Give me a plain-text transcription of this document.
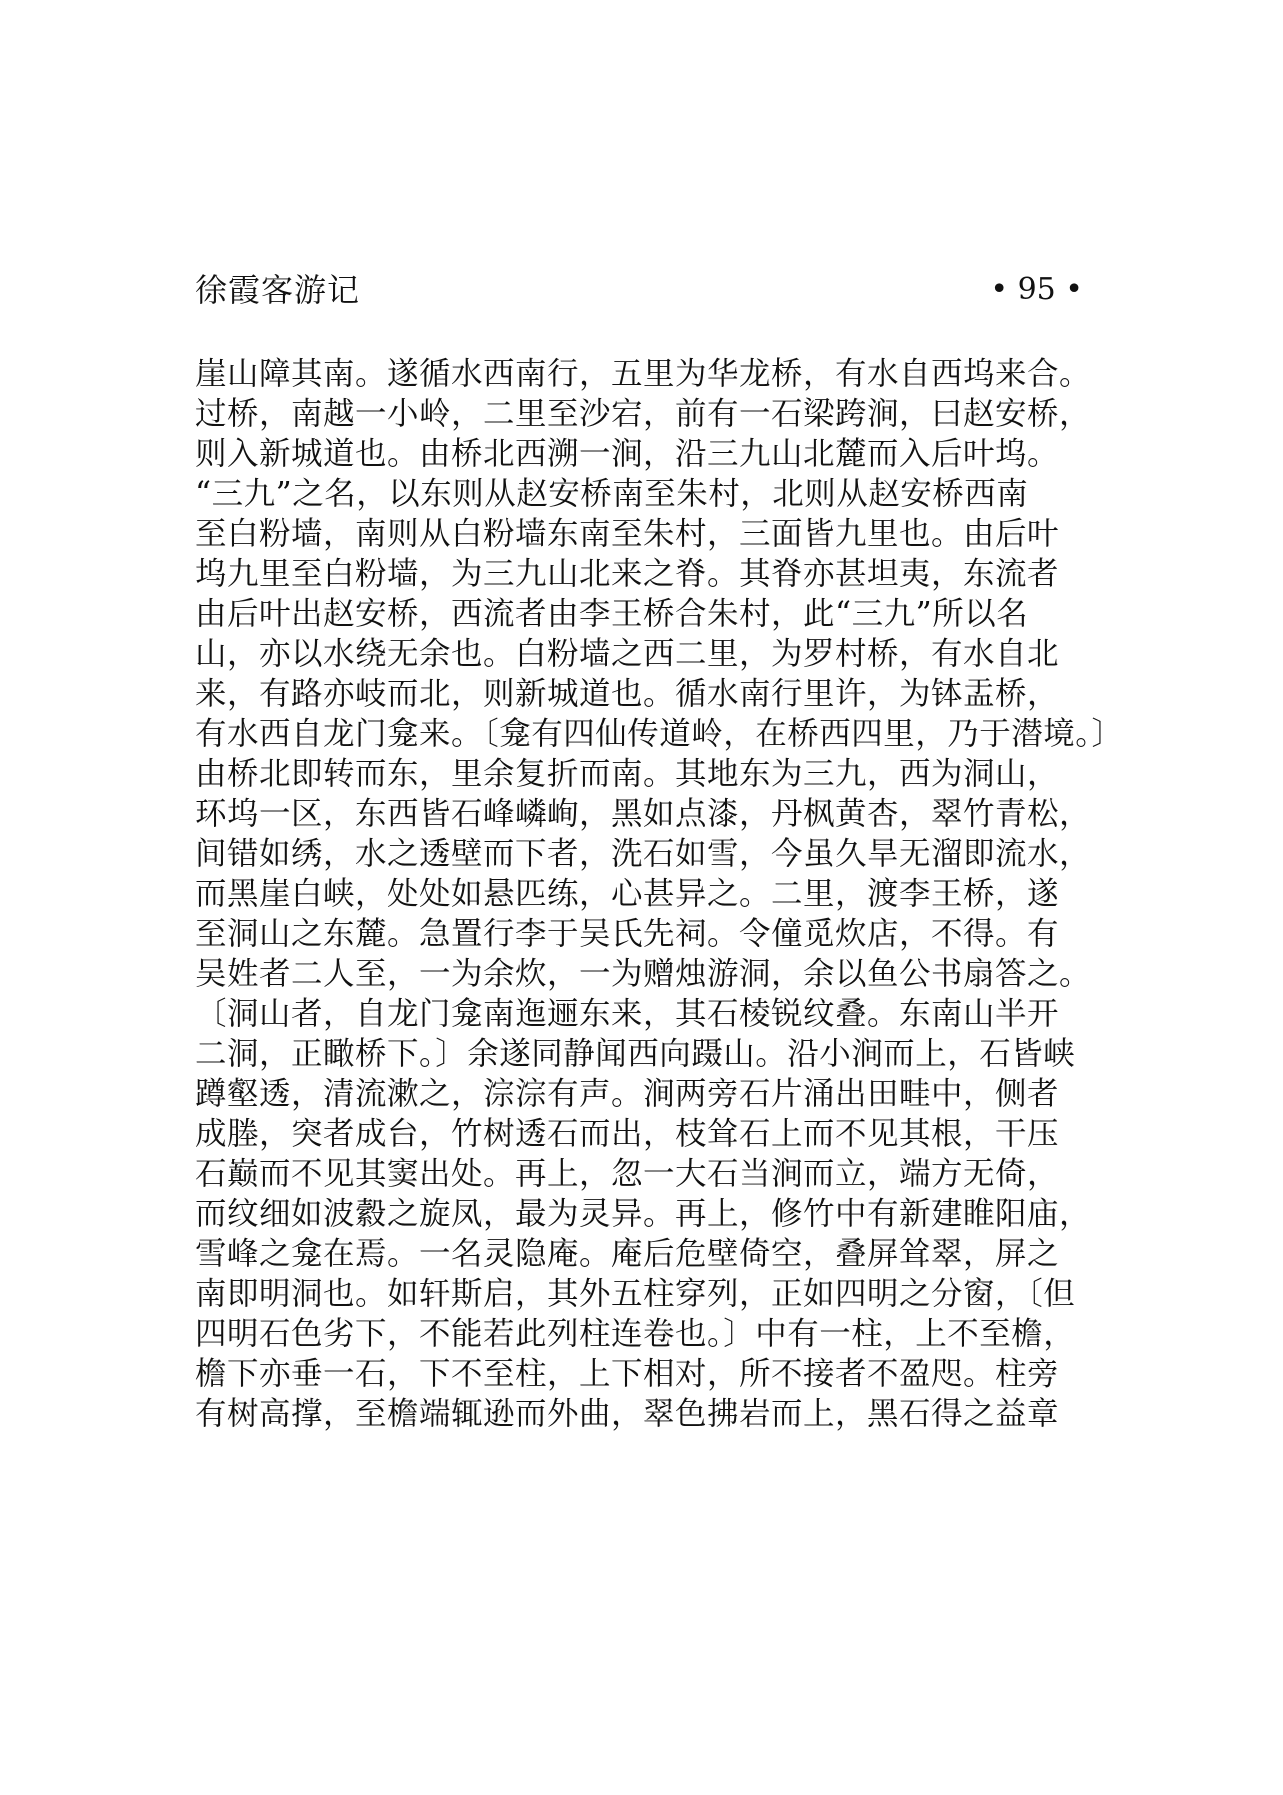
徐霞客游记	• 95 •
崖山障其南。遂循水西南行，五里为华龙桥，有水自西坞来合。
过桥，南越一小岭，二里至沙宕，前有一石梁跨涧，曰赵安桥，
则入新城道也。由桥北西溯一涧，沿三九山北麓而入后叶坞。
“三九”之名，以东则从赵安桥南至朱村，北则从赵安桥西南
至白粉墙，南则从白粉墙东南至朱村，三面皆九里也。由后叶
坞九里至白粉墙，为三九山北来之脊。其脊亦甚坦夷，东流者
由后叶出赵安桥，西流者由李王桥合朱村，此“三九”所以名
山，亦以水绕无余也。白粉墙之西二里，为罗村桥，有水自北
来，有路亦岐而北，则新城道也。循水南行里许，为钵盂桥，
有水西自龙门龛来。〔龛有四仙传道岭，在桥西四里，乃于潜境。〕
由桥北即转而东，里余复折而南。其地东为三九，西为洞山，
环坞一区，东西皆石峰嶙峋，黑如点漆，丹枫黄杏，翠竹青松，
间错如绣，水之透壁而下者，洗石如雪，今虽久旱无溜即流水，
而黑崖白峡，处处如悬匹练，心甚异之。二里，渡李王桥，遂
至洞山之东麓。急置行李于吴氏先祠。令僮觅炊店，不得。有
吴姓者二人至，一为余炊，一为赠烛游洞，余以鱼公书扇答之。
〔洞山者，自龙门龛南迤逦东来，其石棱锐纹叠。东南山半开
二洞，正瞰桥下。〕余遂同静闻西向蹑山。沿小涧而上，石皆峡
蹲壑透，清流漱之，淙淙有声。涧两旁石片涌出田畦中，侧者
成塍，突者成台，竹树透石而出，枝耸石上而不见其根，干压
石巅而不见其窦出处。再上，忽一大石当涧而立，端方无倚，
而纹细如波縠之旋凤，最为灵异。再上，修竹中有新建睢阳庙，
雪峰之龛在焉。一名灵隐庵。庵后危壁倚空，叠屏耸翠，屏之
南即明洞也。如轩斯启，其外五柱穿列，正如四明之分窗，〔但
四明石色劣下，不能若此列柱连卷也。〕中有一柱，上不至檐，
檐下亦垂一石，下不至柱，上下相对，所不接者不盈咫。柱旁
有树高撑，至檐端辄逊而外曲，翠色拂岩而上，黑石得之益章
